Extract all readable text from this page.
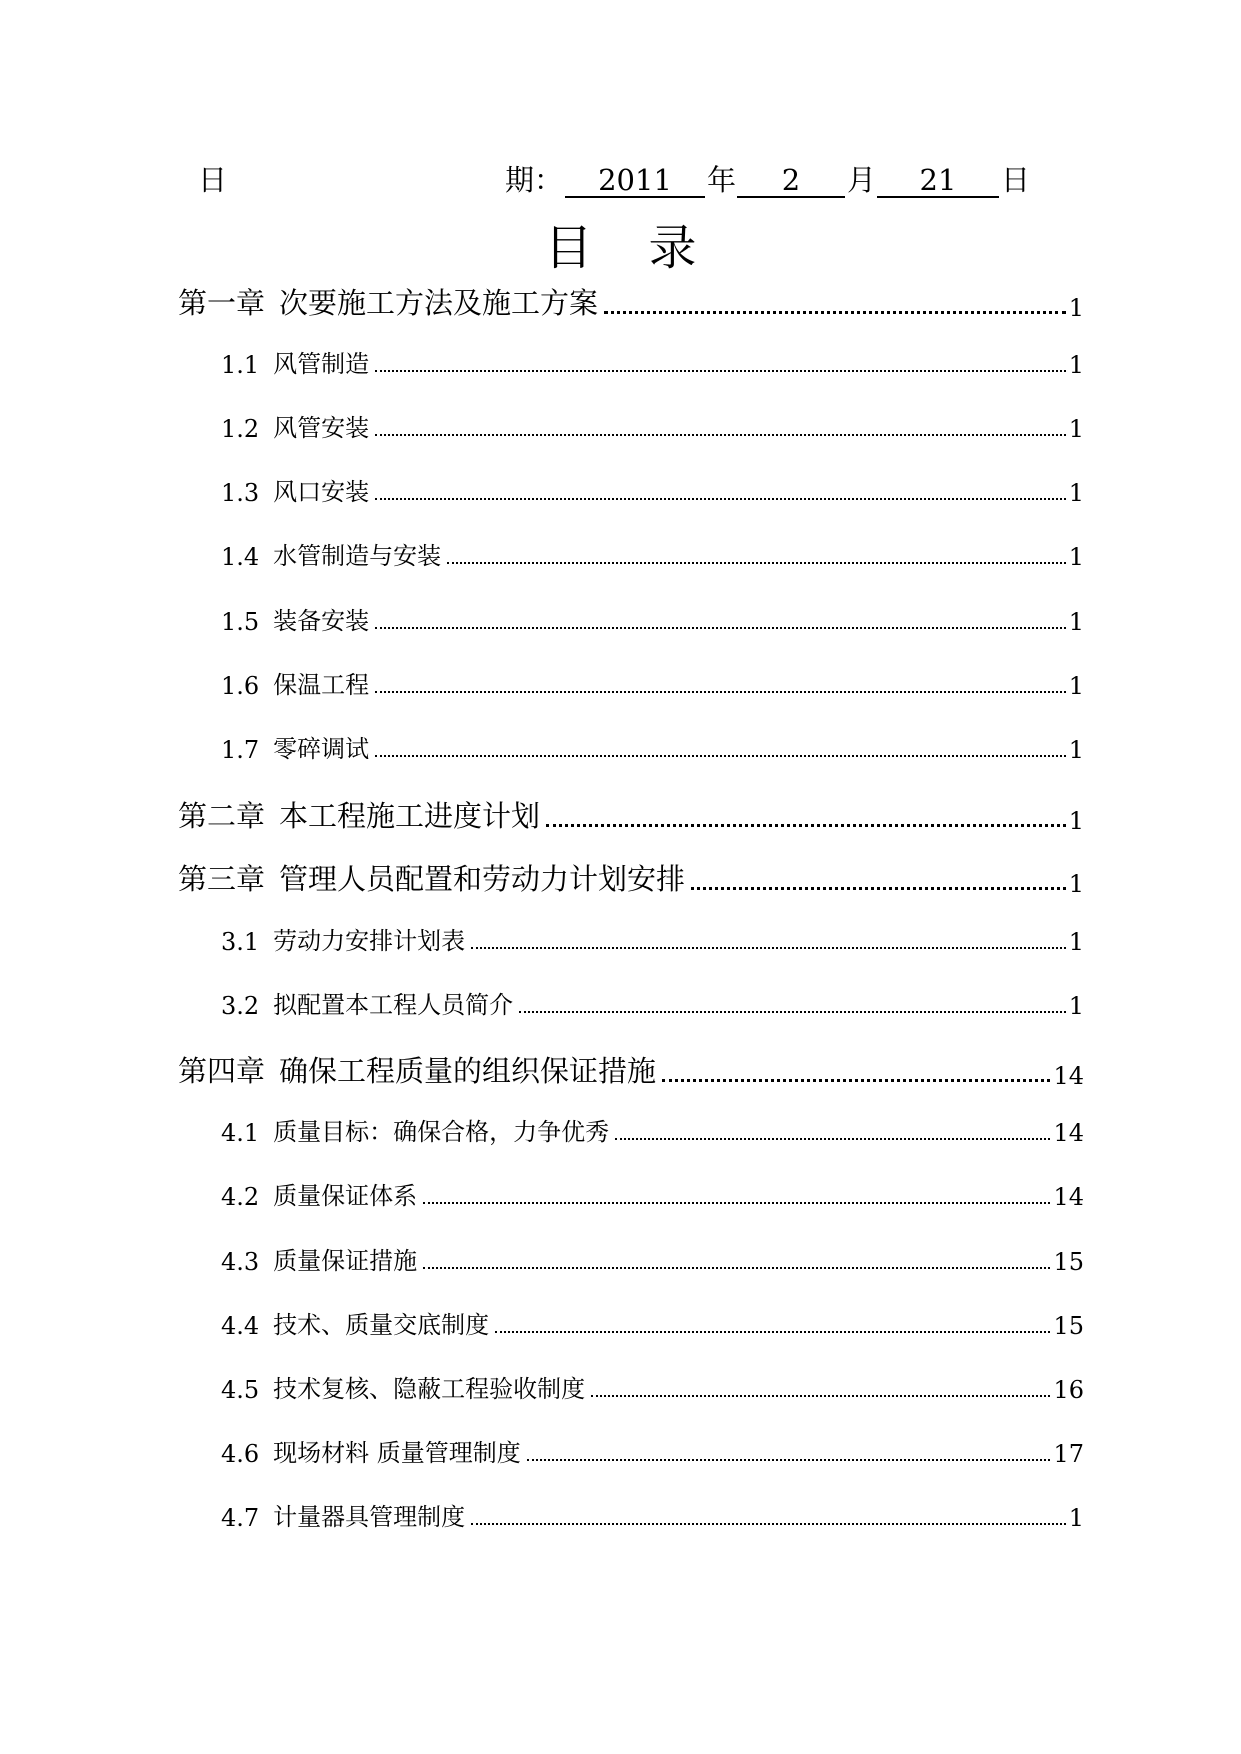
日	期：	2011	年	2	月	21	日
目录
第一章 次要施工方法及施工方案	1
1.1 风管制造	1
1.2 风管安装	1
1.3 风口安装	1
1.4 水管制造与安装	1
1.5 装备安装	1
1.6 保温工程	1
1.7 零碎调试	1
第二章 本工程施工进度计划	1
第三章 管理人员配置和劳动力计划安排	1
3.1 劳动力安排计划表	1
3.2 拟配置本工程人员简介	1
第四章 确保工程质量的组织保证措施	14
4.1 质量目标：确保合格，力争优秀	14
4.2 质量保证体系	14
4.3 质量保证措施	15
4.4 技术、质量交底制度	15
4.5 技术复核、隐蔽工程验收制度	16
4.6 现场材料 质量管理制度	17
4.7 计量器具管理制度	1
